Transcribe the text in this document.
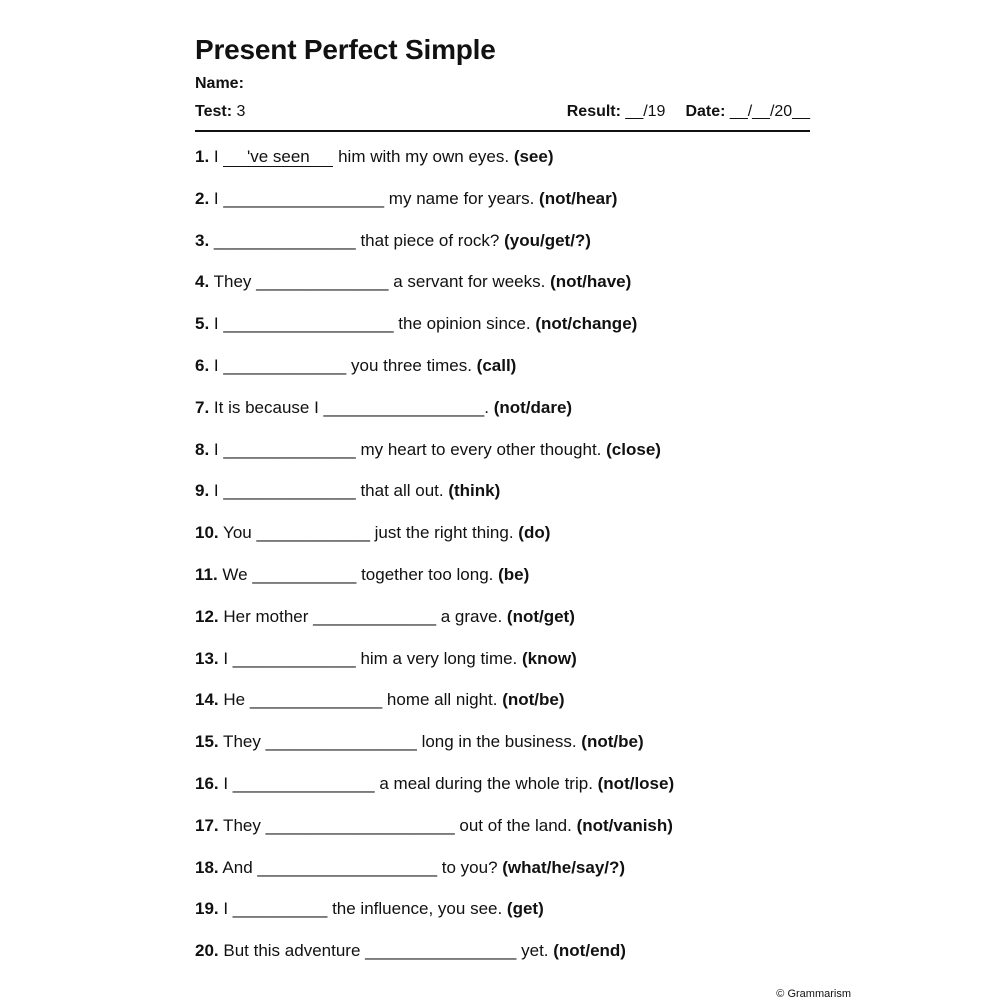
Present Perfect Simple
Name:
Test: 3	Result: __/19 Date: __/__/20__
1. I 've seen him with my own eyes. (see)
2. I _________________ my name for years. (not/hear)
3. _______________ that piece of rock? (you/get/?)
4. They ______________ a servant for weeks. (not/have)
5. I __________________ the opinion since. (not/change)
6. I _____________ you three times. (call)
7. It is because I _________________. (not/dare)
8. I ______________ my heart to every other thought. (close)
9. I ______________ that all out. (think)
10. You ____________ just the right thing. (do)
11. We ___________ together too long. (be)
12. Her mother _____________ a grave. (not/get)
13. I _____________ him a very long time. (know)
14. He ______________ home all night. (not/be)
15. They ________________ long in the business. (not/be)
16. I _______________ a meal during the whole trip. (not/lose)
17. They ____________________ out of the land. (not/vanish)
18. And ___________________ to you? (what/he/say/?)
19. I __________ the influence, you see. (get)
20. But this adventure ________________ yet. (not/end)
© Grammarism
